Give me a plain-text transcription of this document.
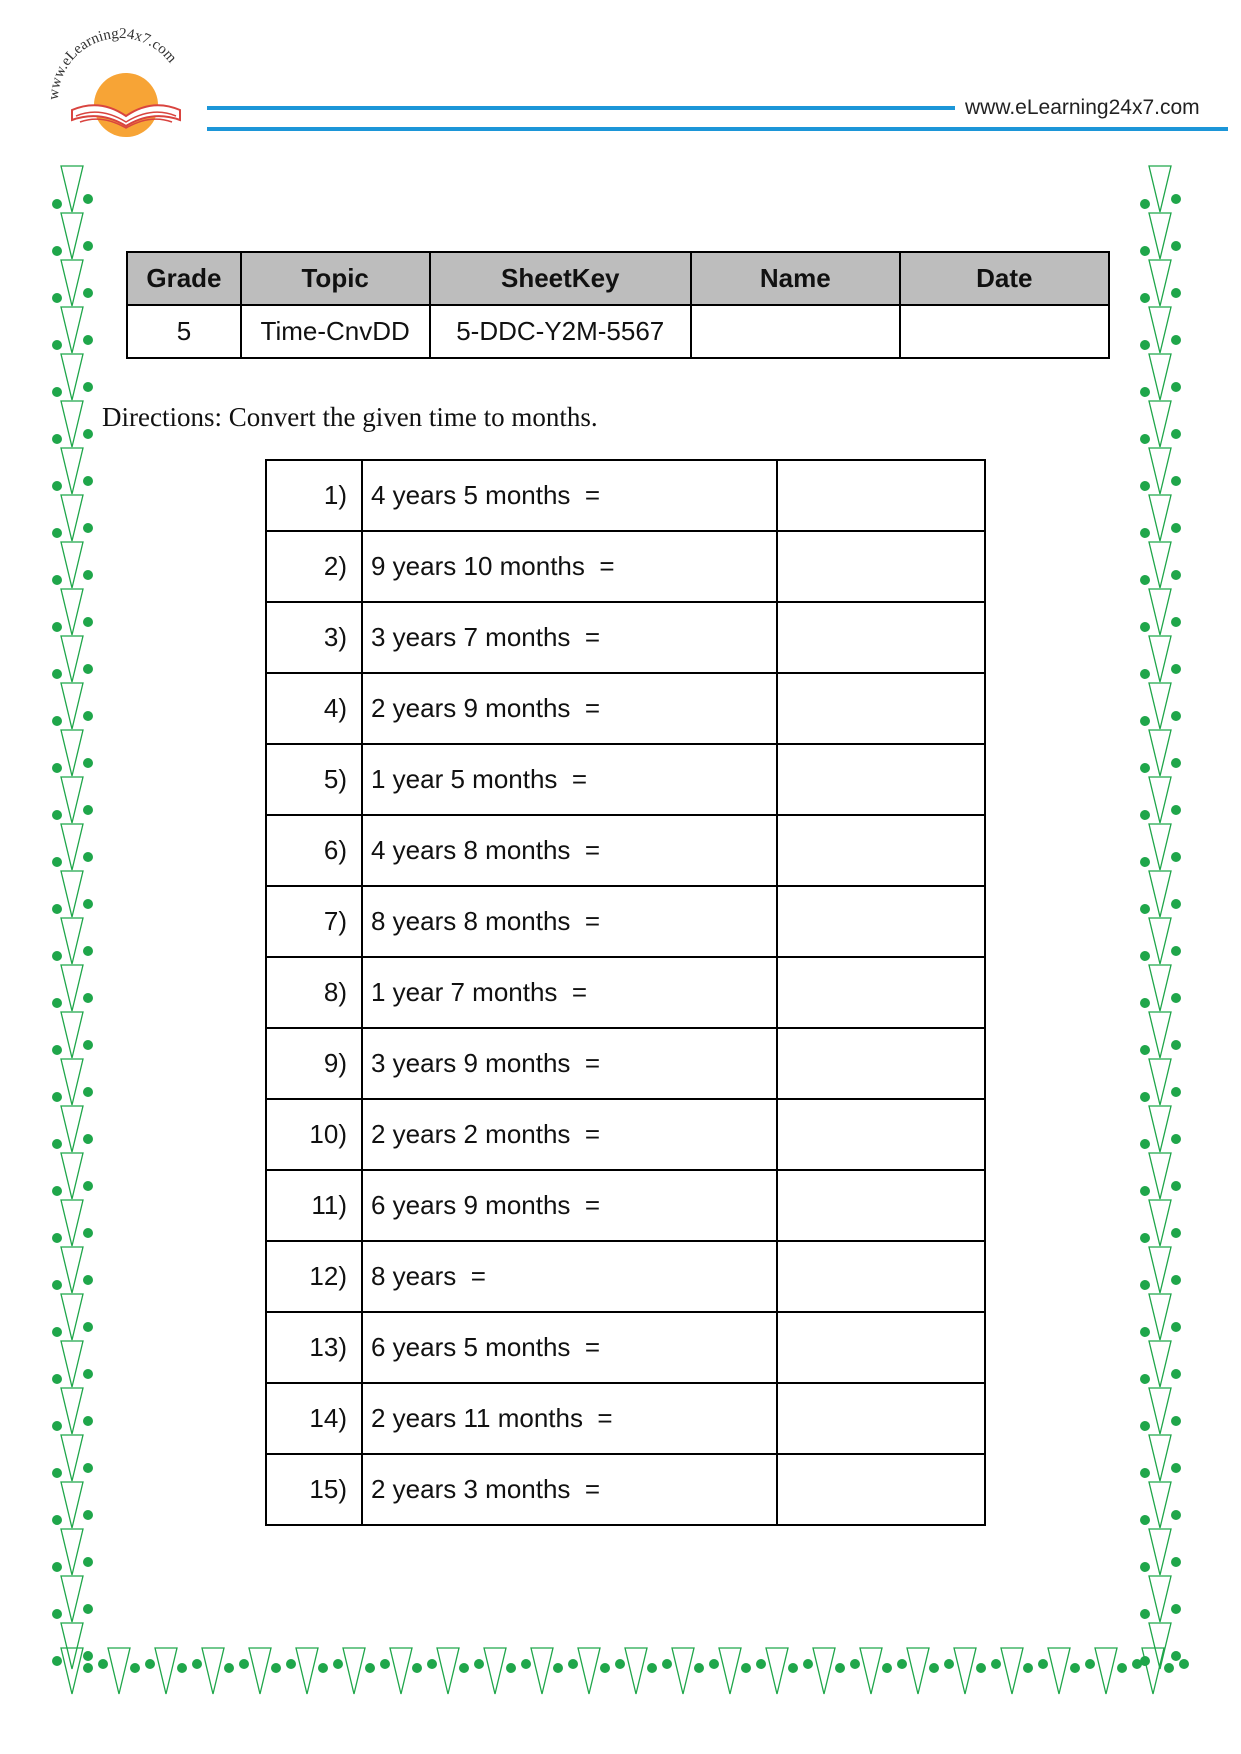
www.eLearning24x7.com
www.eLearning24x7.com
Grade	Topic	SheetKey	Name	Date
5	Time-CnvDD	5-DDC-Y2M-5567		
Directions: Convert the given time to months.
1)	4 years 5 months  =	
2)	9 years 10 months  =	
3)	3 years 7 months  =	
4)	2 years 9 months  =	
5)	1 year 5 months  =	
6)	4 years 8 months  =	
7)	8 years 8 months  =	
8)	1 year 7 months  =	
9)	3 years 9 months  =	
10)	2 years 2 months  =	
11)	6 years 9 months  =	
12)	8 years  =	
13)	6 years 5 months  =	
14)	2 years 11 months  =	
15)	2 years 3 months  =	
